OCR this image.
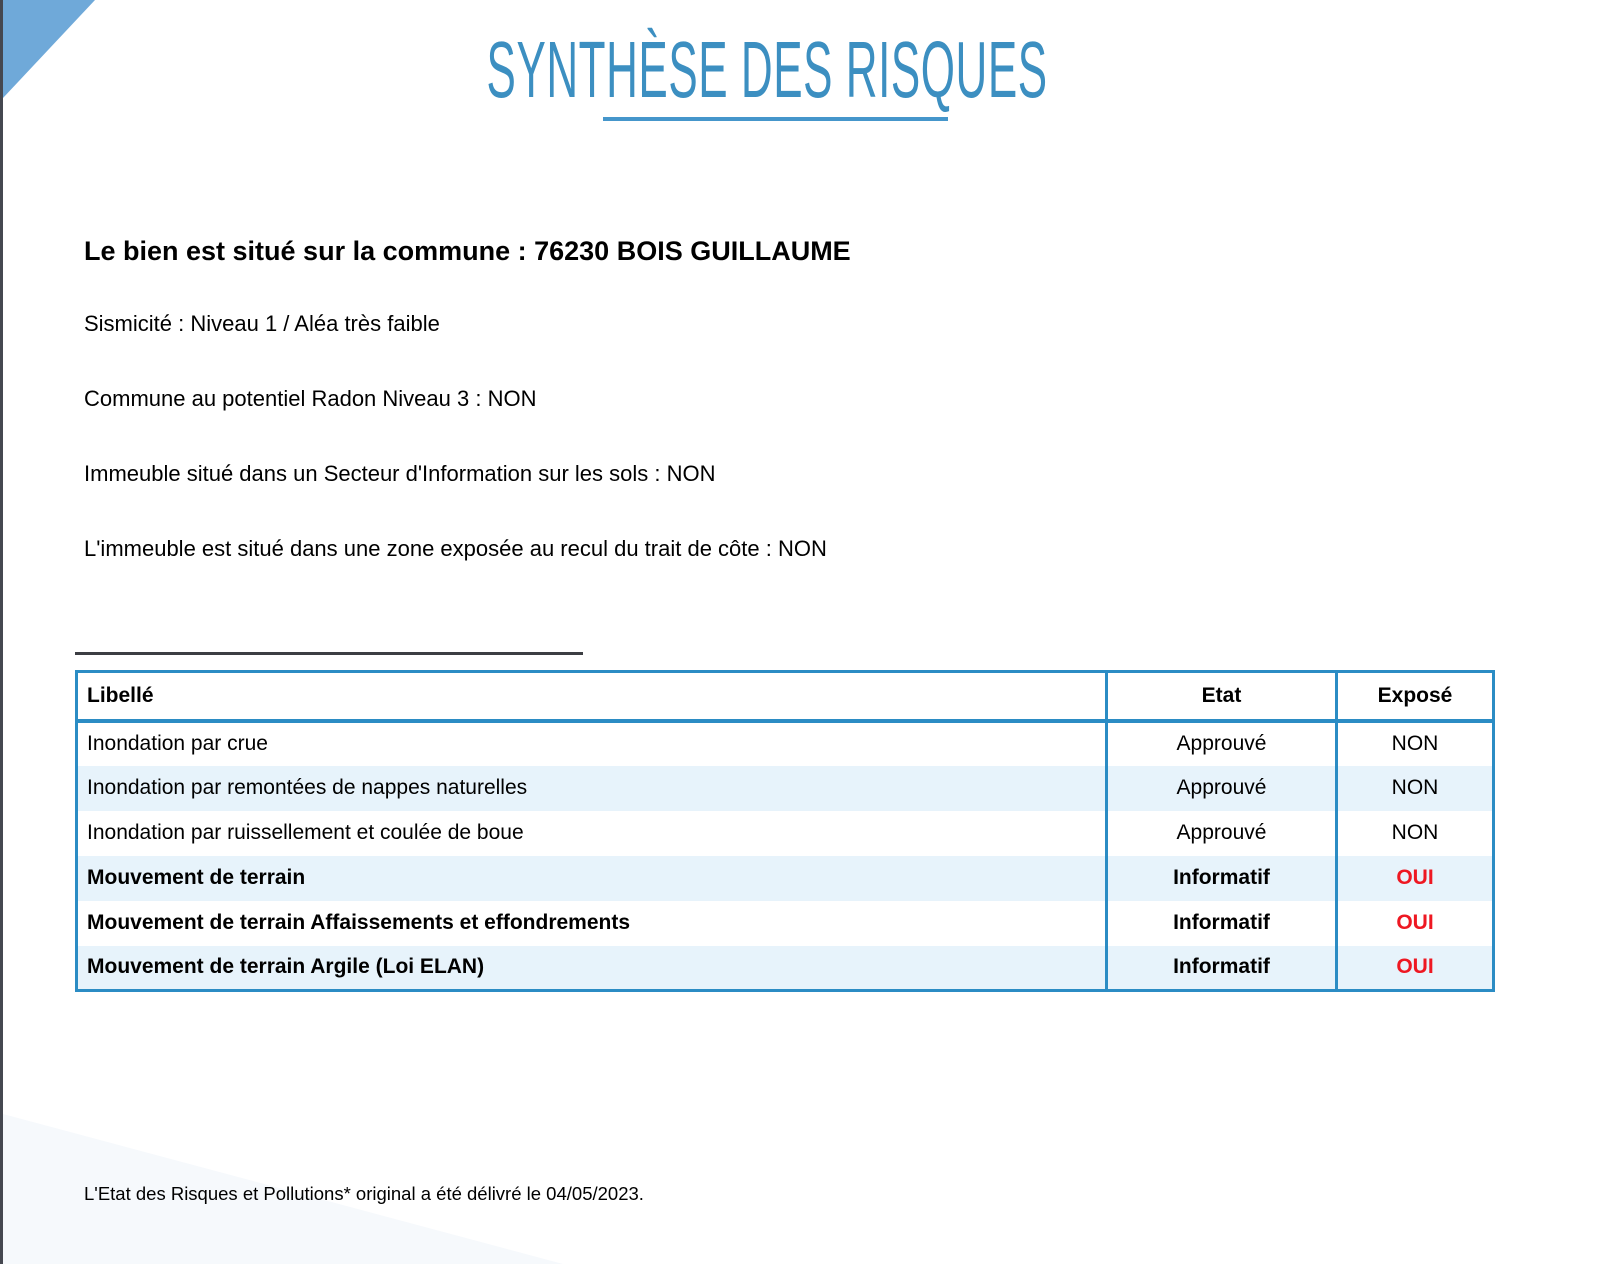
SYNTHÈSE DES RISQUES
Le bien est situé sur la commune : 76230 BOIS GUILLAUME
Sismicité : Niveau 1 / Aléa très faible
Commune au potentiel Radon Niveau 3 : NON
Immeuble situé dans un Secteur d'Information sur les sols : NON
L'immeuble est situé dans une zone exposée au recul du trait de côte : NON
Libellé	Etat	Exposé
Inondation par crue	Approuvé	NON
Inondation par remontées de nappes naturelles	Approuvé	NON
Inondation par ruissellement et coulée de boue	Approuvé	NON
Mouvement de terrain	Informatif	OUI
Mouvement de terrain Affaissements et effondrements	Informatif	OUI
Mouvement de terrain Argile (Loi ELAN)	Informatif	OUI
L'Etat des Risques et Pollutions* original a été délivré le 04/05/2023.
